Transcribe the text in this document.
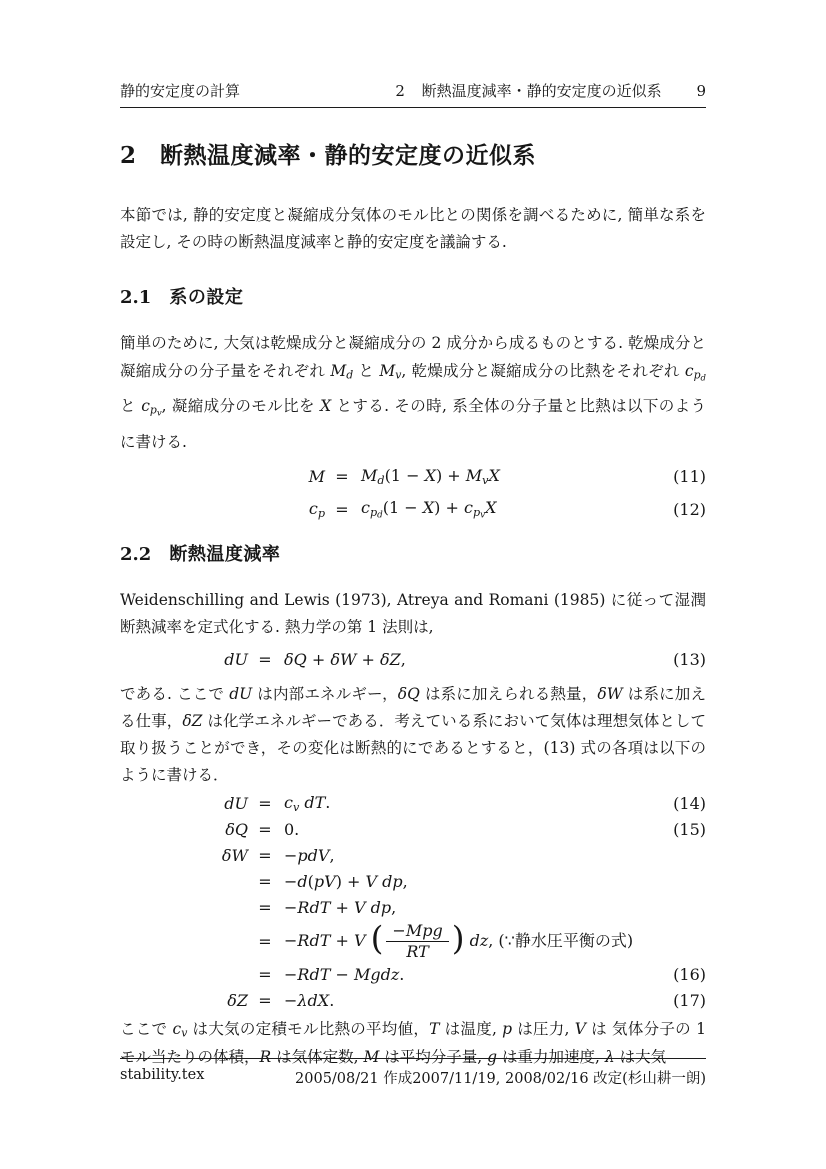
静的安定度の計算	2 断熱温度減率・静的安定度の近似系 9
2 断熱温度減率・静的安定度の近似系

本節では, 静的安定度と凝縮成分気体のモル比との関係を調べるために, 簡単な系を設定し, その時の断熱温度減率と静的安定度を議論する.

2.1 系の設定

簡単のために, 大気は乾燥成分と凝縮成分の 2 成分から成るものとする. 乾燥成分と凝縮成分の分子量をそれぞれ $M_d$ と $M_v$, 乾燥成分と凝縮成分の比熱をそれぞれ $c_{pd}$ と $c_{pv}$, 凝縮成分のモル比を X とする. その時, 系全体の分子量と比熱は以下のように書ける.

$M = M_d(1 - X) + M_vX$	(11)
$c_p = c_{pd}(1 - X) + c_{pv}X$	(12)
2.2 断熱温度減率

Weidenschilling and Lewis (1973), Atreya and Romani (1985) に従って湿潤断熱減率を定式化する. 熱力学の第 1 法則は,

dU = δQ + δW + δZ,	(13)

である. ここで dU は内部エネルギー，δQ は系に加えられる熱量，δW は系に加える仕事，δZ は化学エネルギーである．考えている系において気体は理想気体として取り扱うことができ，その変化は断熱的にであるとすると，(13) 式の各項は以下のように書ける．

dU = $c_v$ dT.	(14)
δQ = 0.	(15)
δW = −pdV,
= −d(pV) + V dp,
= −RdT + V dp,
= −RdT + V ( $\frac{\text{−Mpg}}{RT}$ ) dz, (∵静水圧平衡の式)
= −RdT − Mgdz.	(16)
δZ = −λdX.	(17)

ここで $c_v$ は大気の定積モル比熱の平均値，T は温度, p は圧力, V は 気体分子の 1 モル当たりの体積，R は気体定数, M は平均分子量, g は重力加速度, λ は大気

stability.tex	2005/08/21 作成2007/11/19, 2008/02/16 改定(杉山耕一朗)
